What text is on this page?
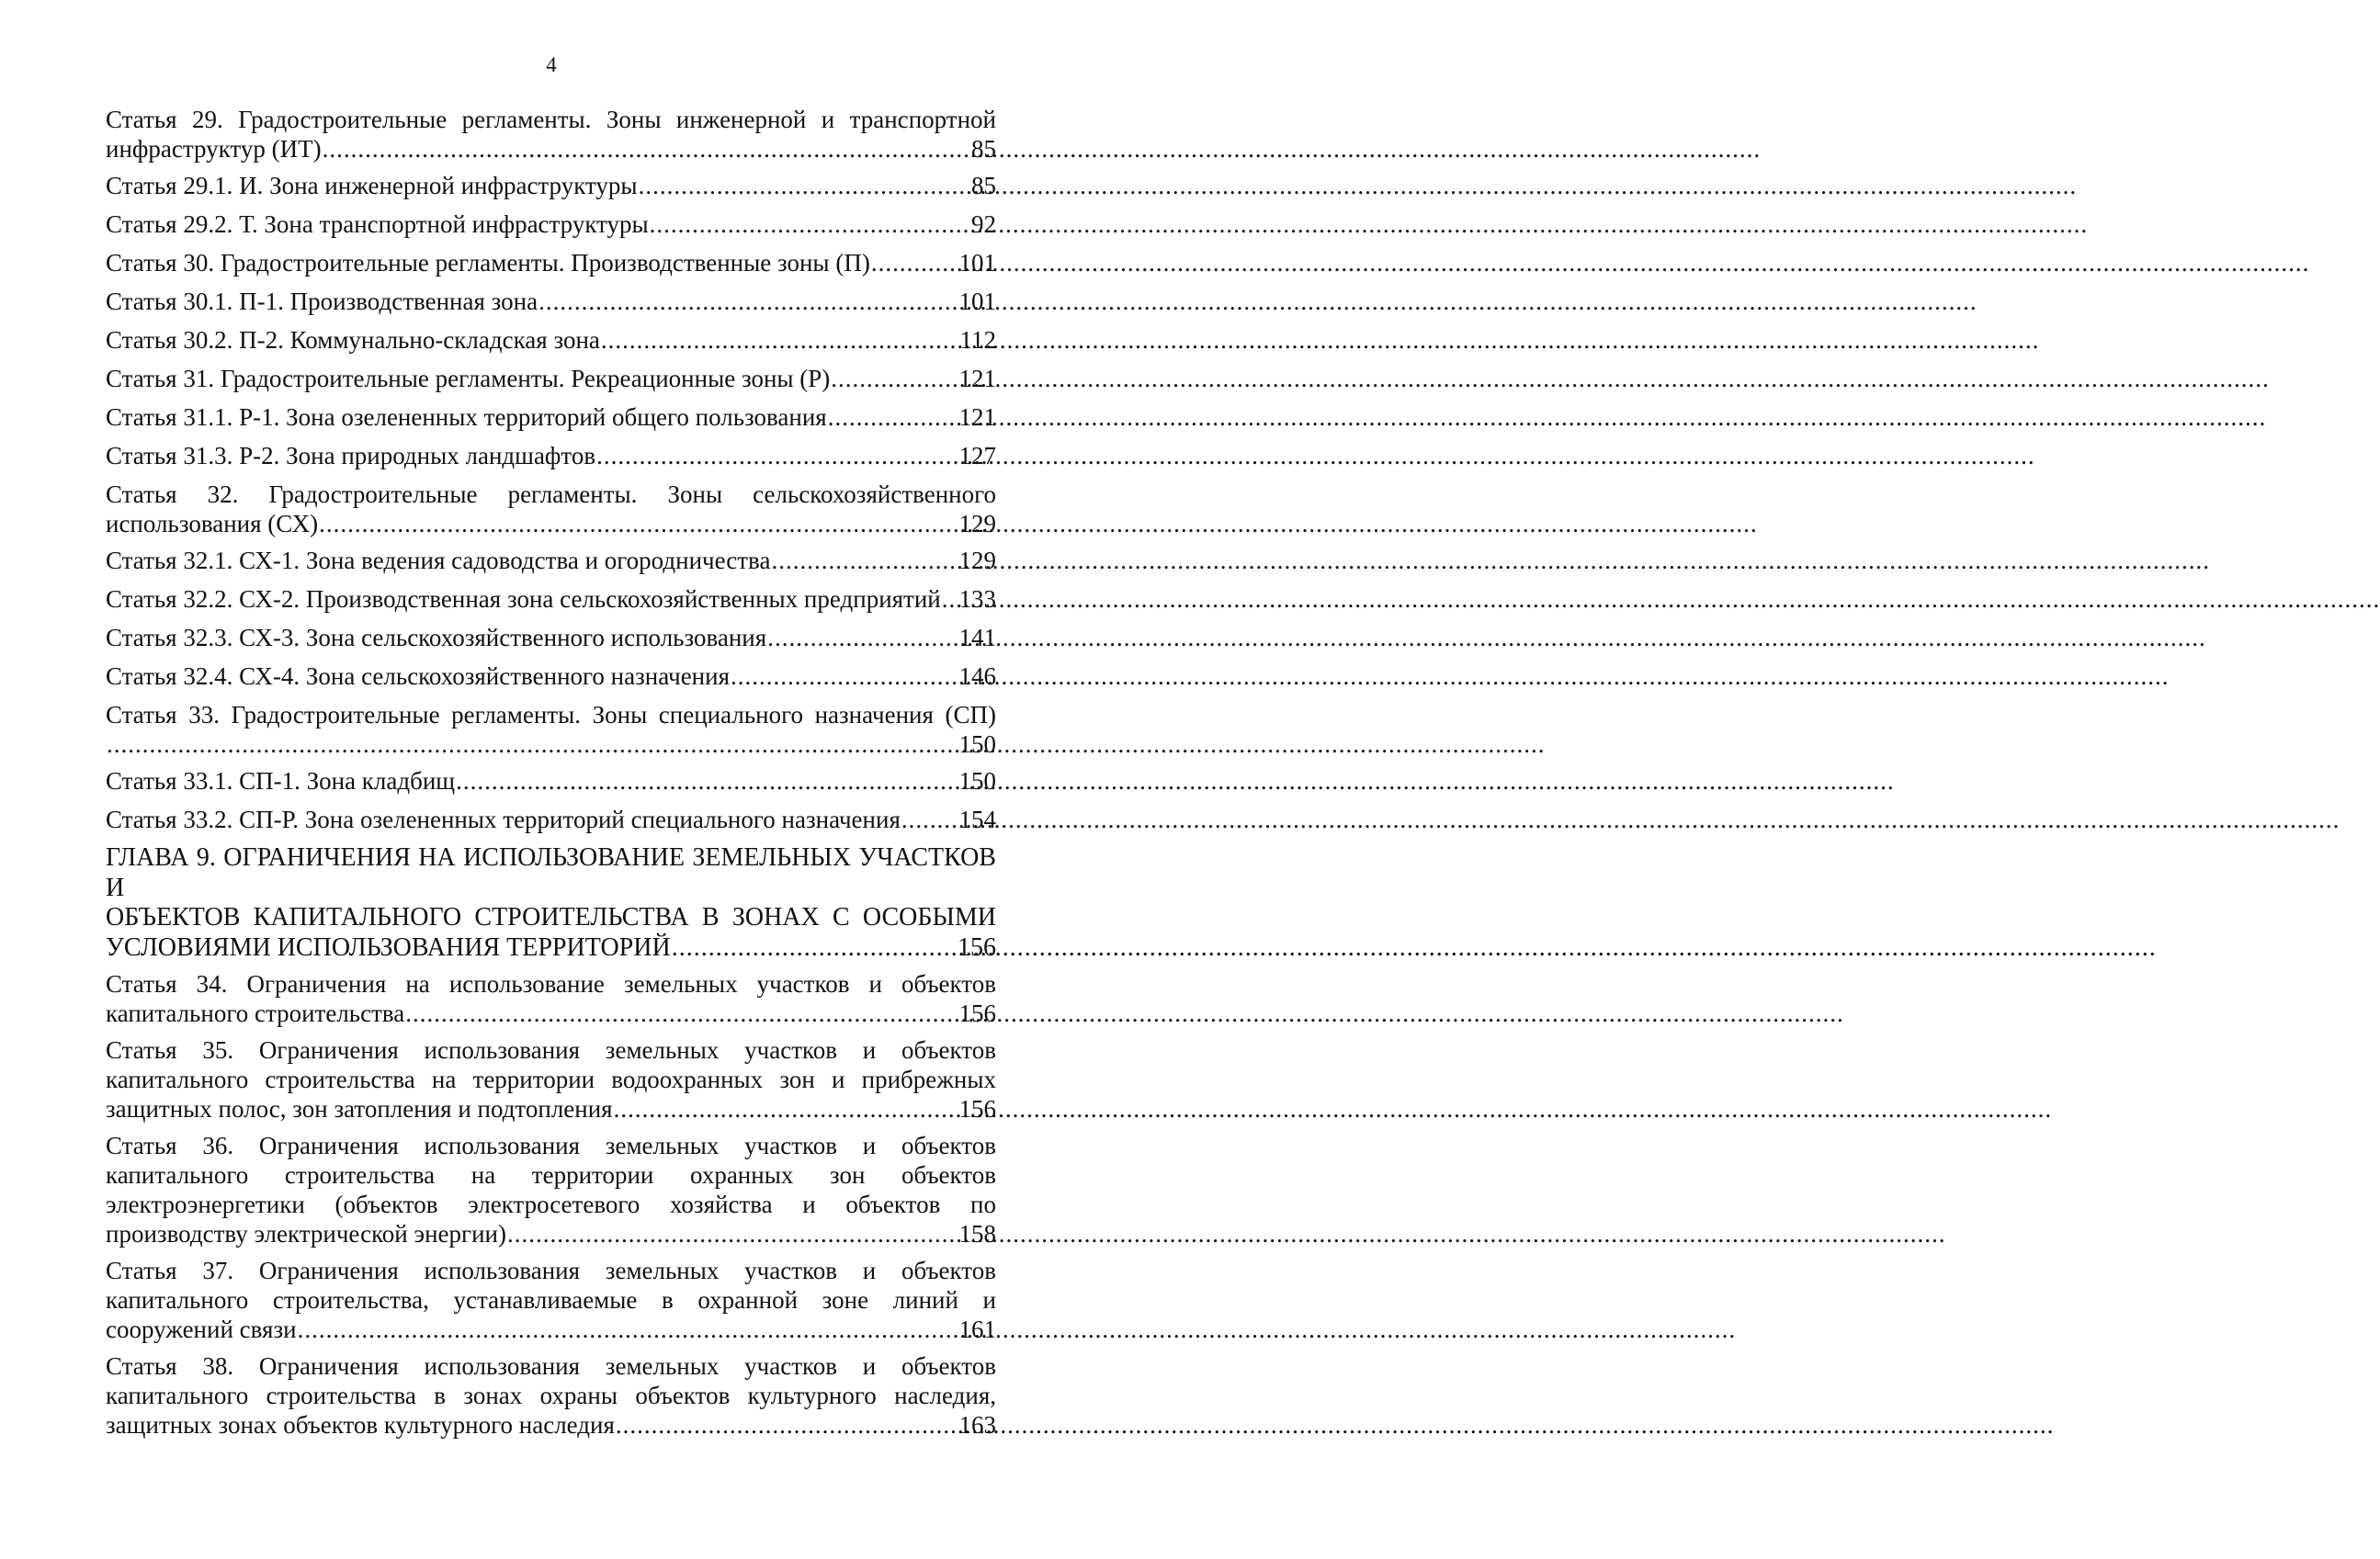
4
Статья 29. Градостроительные регламенты. Зоны инженерной и транспортной
инфраструктур (ИТ) .....	85
Статья 29.1. И. Зона инженерной инфраструктуры .....	85
Статья 29.2. Т. Зона транспортной инфраструктуры .....	92
Статья 30. Градостроительные регламенты. Производственные зоны (П) .....	101
Статья 30.1. П-1. Производственная зона .....	101
Статья 30.2. П-2. Коммунально-складская зона .....	112
Статья 31. Градостроительные регламенты. Рекреационные зоны (Р) .....	121
Статья 31.1. Р-1. Зона озелененных территорий общего пользования .....	121
Статья 31.3. Р-2. Зона природных ландшафтов .....	127
Статья 32. Градостроительные регламенты. Зоны сельскохозяйственного
использования (СХ) .....	129
Статья 32.1. СХ-1. Зона ведения садоводства и огородничества .....	129
Статья 32.2. СХ-2. Производственная зона сельскохозяйственных предприятий ..... 133
Статья 32.3. СХ-3. Зона сельскохозяйственного использования .....	141
Статья 32.4. СХ-4. Зона сельскохозяйственного назначения .....	146
Статья 33. Градостроительные регламенты. Зоны специального назначения (СП)
.....
150
Статья 33.1. СП-1. Зона кладбищ .....	150
Статья 33.2. СП-Р. Зона озелененных территорий специального назначения ..... 154
ГЛАВА 9. ОГРАНИЧЕНИЯ НА ИСПОЛЬЗОВАНИЕ ЗЕМЕЛЬНЫХ УЧАСТКОВ И
ОБЪЕКТОВ КАПИТАЛЬНОГО СТРОИТЕЛЬСТВА В ЗОНАХ С ОСОБЫМИ
УСЛОВИЯМИ ИСПОЛЬЗОВАНИЯ ТЕРРИТОРИЙ .....	156
Статья 34. Ограничения на использование земельных участков и объектов
капитального строительства .....	156
Статья 35. Ограничения использования земельных участков и объектов
капитального строительства на территории водоохранных зон и прибрежных
защитных полос, зон затопления и подтопления .....	156
Статья 36. Ограничения использования земельных участков и объектов
капитального строительства на территории охранных зон объектов
электроэнергетики (объектов электросетевого хозяйства и объектов по
производству электрической энергии) .....	158
Статья 37. Ограничения использования земельных участков и объектов
капитального строительства, устанавливаемые в охранной зоне линий и
сооружений связи .....	161
Статья 38. Ограничения использования земельных участков и объектов
капитального строительства в зонах охраны объектов культурного наследия,
защитных зонах объектов культурного наследия .....	163
